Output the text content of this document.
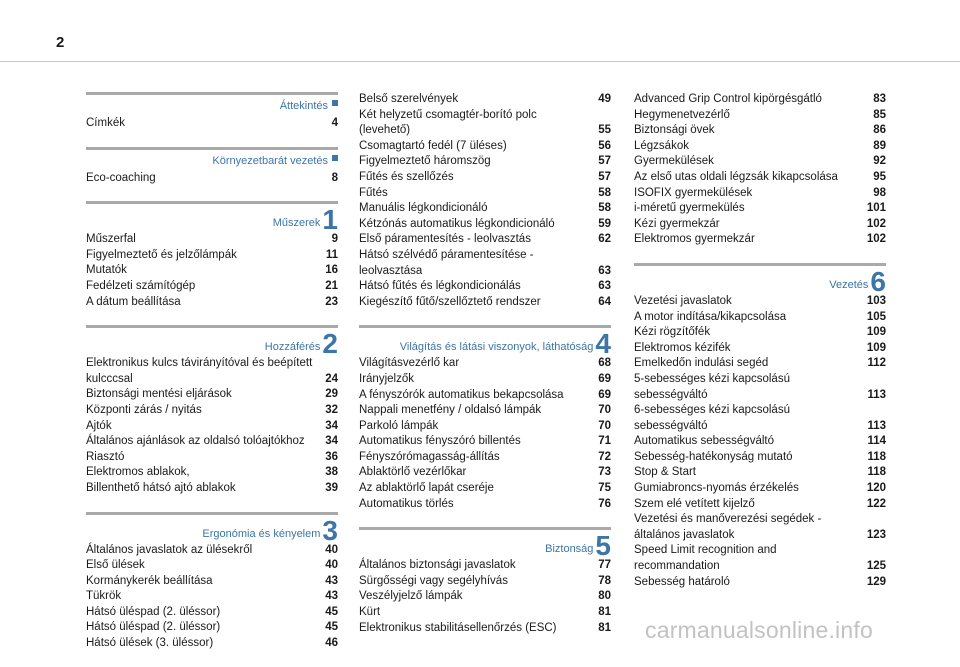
2
Áttekintés
Címkék	4
Környezetbarát vezetés
Eco-coaching	8
Műszerek1
Műszerfal	9
Figyelmeztető és jelzőlámpák	11
Mutatók	16
Fedélzeti számítógép	21
A dátum beállítása	23
Hozzáférés2
Elektronikus kulcs távirányítóval és beépített kulcccsal	24
Biztonsági mentési eljárások	29
Központi zárás / nyitás	32
Ajtók	34
Általános ajánlások az oldalsó tolóajtókhoz	34
Riasztó	36
Elektromos ablakok,	38
Billenthető hátsó ajtó ablakok	39
Ergonómia és kényelem3
Általános javaslatok az ülésekről	40
Első ülések	40
Kormánykerék beállítása	43
Tükrök	43
Hátsó üléspad (2. üléssor)	45
Hátsó üléspad (2. üléssor)	45
Hátsó ülések (3. üléssor)	46
Belső szerelvények	49
Két helyzetű csomagtér-borító polc (levehető)	55
Csomagtartó fedél (7 üléses)	56
Figyelmeztető háromszög	57
Fűtés és szellőzés	57
Fűtés	58
Manuális légkondicionáló	58
Kétzónás automatikus légkondicionáló	59
Első páramentesítés - leolvasztás	62
Hátsó szélvédő páramentesítése - leolvasztása	63
Hátsó fűtés és légkondicionálás	63
Kiegészítő fűtő/szellőztető rendszer	64
Világítás és látási viszonyok, láthatóság4
Világításvezérlő kar	68
Irányjelzők	69
A fényszórók automatikus bekapcsolása	69
Nappali menetfény / oldalsó lámpák	70
Parkoló lámpák	70
Automatikus fényszóró billentés	71
Fényszórómagasság-állítás	72
Ablaktörlő vezérlőkar	73
Az ablaktörlő lapát cseréje	75
Automatikus törlés	76
Biztonság5
Általános biztonsági javaslatok	77
Sürgősségi vagy segélyhívás	78
Veszélyjelző lámpák	80
Kürt	81
Elektronikus stabilitásellenőrzés (ESC)	81
Advanced Grip Control kipörgésgátló	83
Hegymenetvezérlő	85
Biztonsági övek	86
Légzsákok	89
Gyermekülések	92
Az első utas oldali légzsák kikapcsolása	95
ISOFIX gyermekülések	98
i-méretű gyermekülés	101
Kézi gyermekzár	102
Elektromos gyermekzár	102
Vezetés6
Vezetési javaslatok	103
A motor indítása/kikapcsolása	105
Kézi rögzítőfék	109
Elektromos kézifék	109
Emelkedőn indulási segéd	112
5-sebességes kézi kapcsolású sebességváltó	113
6-sebességes kézi kapcsolású sebességváltó	113
Automatikus sebességváltó	114
Sebesség-hatékonyság mutató	118
Stop & Start	118
Gumiabroncs-nyomás érzékelés	120
Szem elé vetített kijelző	122
Vezetési és manőverezési segédek - általános javaslatok	123
Speed Limit recognition and recommandation	125
Sebesség határoló	129
carmanualsonline.info
